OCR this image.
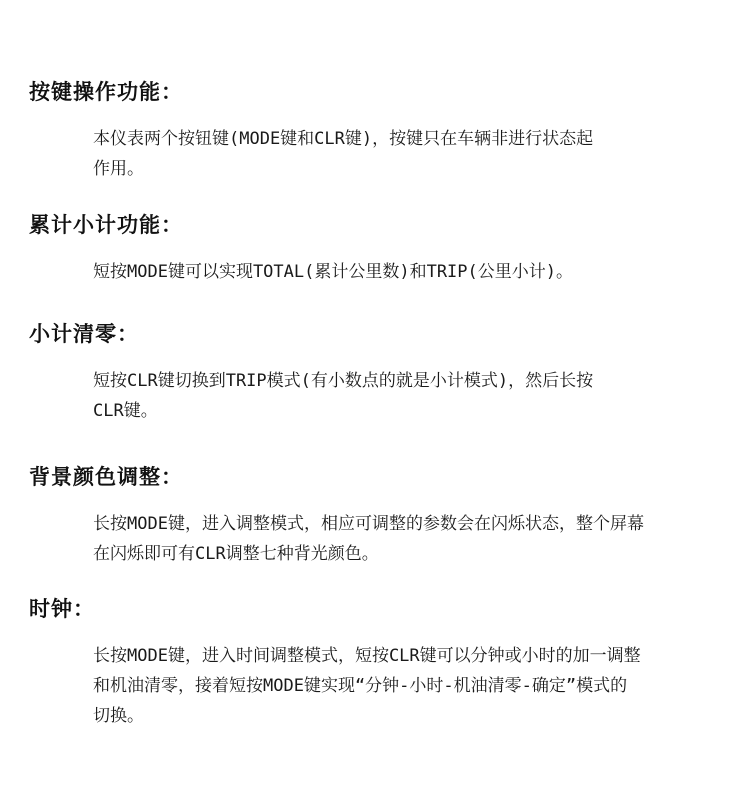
按键操作功能：

本仪表两个按钮键(MODE键和CLR键)，按键只在车辆非进行状态起
作用。

累计小计功能：

短按MODE键可以实现TOTAL(累计公里数)和TRIP(公里小计)。

小计清零：

短按CLR键切换到TRIP模式(有小数点的就是小计模式)，然后长按
CLR键。

背景颜色调整：

长按MODE键，进入调整模式，相应可调整的参数会在闪烁状态，整个屏幕
在闪烁即可有CLR调整七种背光颜色。

时钟：

长按MODE键，进入时间调整模式，短按CLR键可以分钟或小时的加一调整
和机油清零，接着短按MODE键实现“分钟-小时-机油清零-确定”模式的
切换。
